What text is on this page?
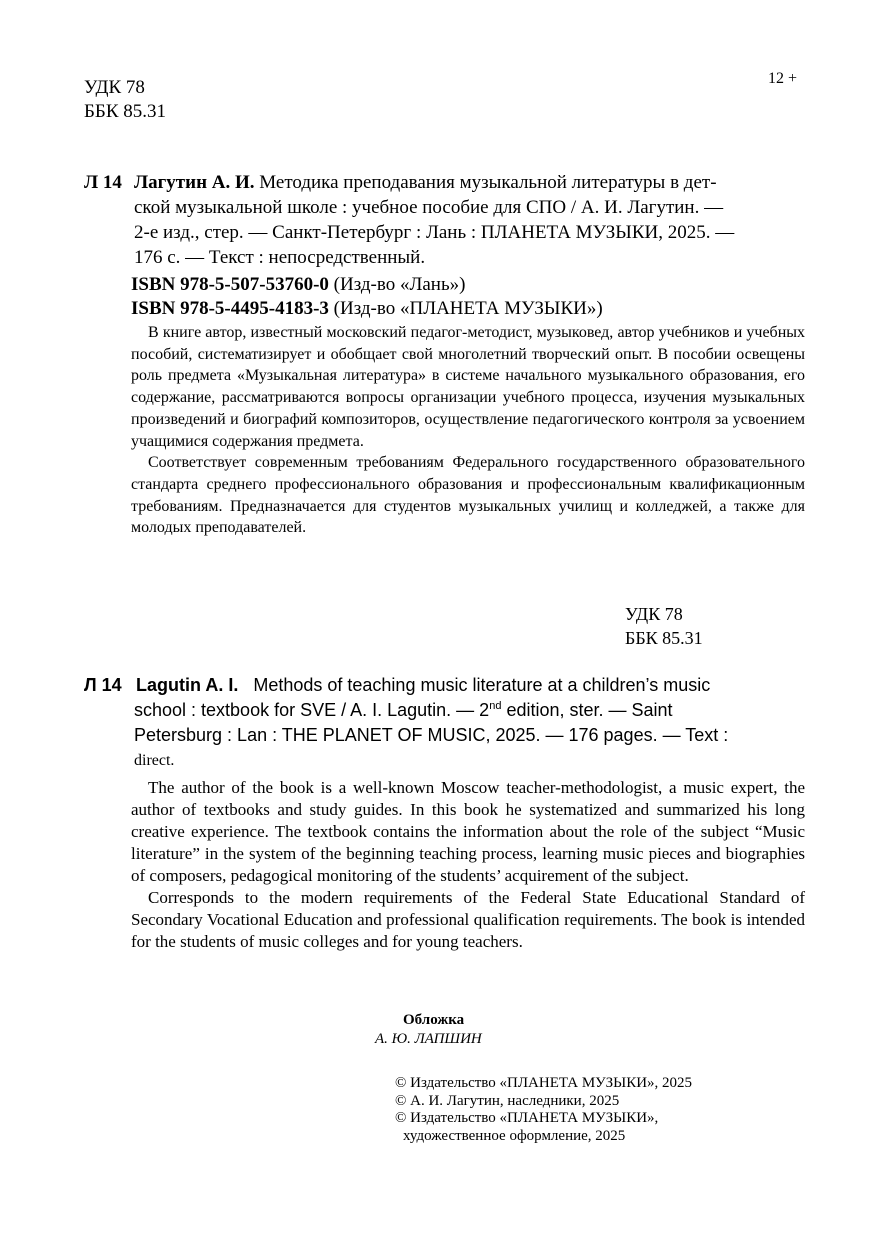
УДК 78
ББК 85.31
12 +
Л 14 Лагутин А. И. Методика преподавания музыкальной литературы в дет-
ской музыкальной школе : учебное пособие для СПО / А. И. Лагутин. —
2-е изд., стер. — Санкт-Петербург : Лань : ПЛАНЕТА МУЗЫКИ, 2025. —
176 с. — Текст : непосредственный.
ISBN 978-5-507-53760-0 (Изд-во «Лань»)
ISBN 978-5-4495-4183-3 (Изд-во «ПЛАНЕТА МУЗЫКИ»)

В книге автор, известный московский педагог-методист, музыковед, автор учебников и учебных пособий, систематизирует и обобщает свой многолетний творческий опыт. В пособии освещены роль предмета «Музыкальная литература» в системе начального музыкального образования, его содержание, рассматриваются вопросы организации учебного процесса, изучения музыкальных произведений и биографий композиторов, осуществление педагогического контроля за усвоением учащимися содержания предмета.

Соответствует современным требованиям Федерального государственного образовательного стандарта среднего профессионального образования и профессиональным квалификационным требованиям. Предназначается для студентов музыкальных училищ и колледжей, а также для молодых преподавателей.

УДК 78
ББК 85.31
Л 14 Lagutin A. I. Methods of teaching music literature at a children’s music
school : textbook for SVE / A. I. Lagutin. — 2nd edition, ster. — Saint
Petersburg : Lan : THE PLANET OF MUSIC, 2025. — 176 pages. — Text :
direct.

The author of the book is a well-known Moscow teacher-methodologist, a music expert, the author of textbooks and study guides. In this book he systematized and summarized his long creative experience. The textbook contains the information about the role of the subject “Music literature” in the system of the beginning teaching process, learning music pieces and biographies of composers, pedagogical monitoring of the students’ acquirement of the subject.

Corresponds to the modern requirements of the Federal State Educational Standard of Secondary Vocational Education and professional qualification requirements. The book is intended for the students of music colleges and for young teachers.

Обложка
А. Ю. ЛАПШИН
© Издательство «ПЛАНЕТА МУЗЫКИ», 2025
© А. И. Лагутин, наследники, 2025
© Издательство «ПЛАНЕТА МУЗЫКИ»,
художественное оформление, 2025
